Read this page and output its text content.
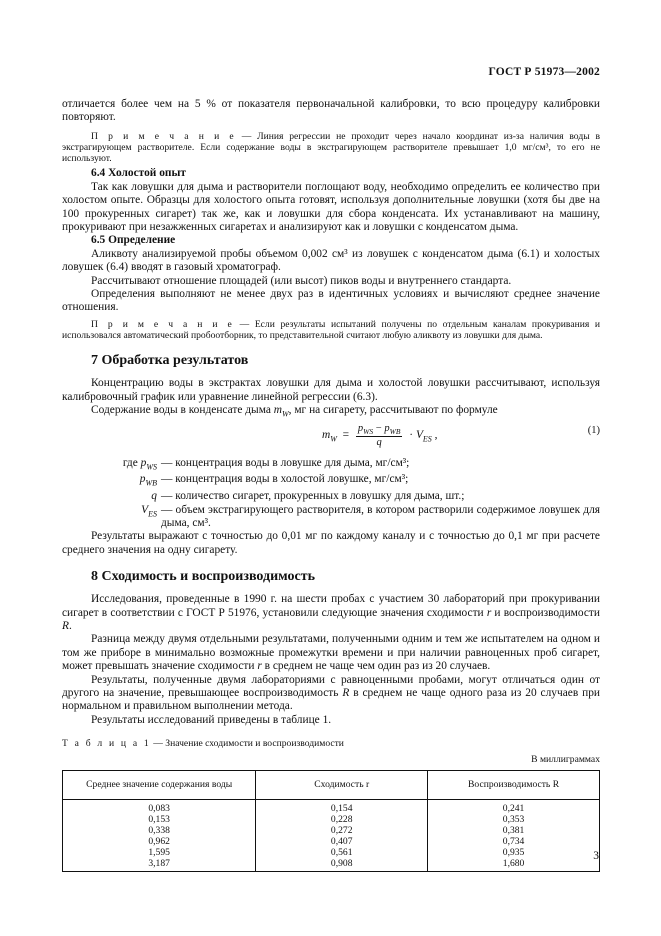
ГОСТ Р 51973—2002

отличается более чем на 5 % от показателя первоначальной калибровки, то всю процедуру калибровки повторяют.

П р и м е ч а н и е — Линия регрессии не проходит через начало координат из-за наличия воды в экстрагирующем растворителе. Если содержание воды в экстрагирующем растворителе превышает 1,0 мг/см³, то его не используют.

6.4 Холостой опыт

Так как ловушки для дыма и растворители поглощают воду, необходимо определить ее количество при холостом опыте. Образцы для холостого опыта готовят, используя дополнительные ловушки (хотя бы две на 100 прокуренных сигарет) так же, как и ловушки для сбора конденсата. Их устанавливают на машину, прокуривают при незажженных сигаретах и анализируют как и ловушки с конденсатом дыма.

6.5 Определение

Аликвоту анализируемой пробы объемом 0,002 см³ из ловушек с конденсатом дыма (6.1) и холостых ловушек (6.4) вводят в газовый хроматограф.

Рассчитывают отношение площадей (или высот) пиков воды и внутреннего стандарта.

Определения выполняют не менее двух раз в идентичных условиях и вычисляют среднее значение отношения.

П р и м е ч а н и е — Если результаты испытаний получены по отдельным каналам прокуривания и использовался автоматический пробоотборник, то представительной считают любую аликвоту из ловушки для дыма.

7 Обработка результатов

Концентрацию воды в экстрактах ловушки для дыма и холостой ловушки рассчитывают, используя калибровочный график или уравнение линейной регрессии (6.3).

Содержание воды в конденсате дыма $m_W$, мг на сигарету, рассчитывают по формуле

$m_W = \frac{p_{WS} - p_{WB}}{q} \cdot V_{ES}$ ,	(1)
где $p_{WS}$ — концентрация воды в ловушке для дыма, мг/см³;
$p_{WB}$ — концентрация воды в холостой ловушке, мг/см³;
q — количество сигарет, прокуренных в ловушку для дыма, шт.;
$V_{ES}$ — объем экстрагирующего растворителя, в котором растворили содержимое ловушек для дыма, см³.

Результаты выражают с точностью до 0,01 мг по каждому каналу и с точностью до 0,1 мг при расчете среднего значения на одну сигарету.

8 Сходимость и воспроизводимость

Исследования, проведенные в 1990 г. на шести пробах с участием 30 лабораторий при прокуривании сигарет в соответствии с ГОСТ Р 51976, установили следующие значения сходимости r и воспроизводимости R.

Разница между двумя отдельными результатами, полученными одним и тем же испытателем на одном и том же приборе в минимально возможные промежутки времени и при наличии равноценных проб сигарет, может превышать значение сходимости r в среднем не чаще чем один раз из 20 случаев.

Результаты, полученные двумя лабораториями с равноценными пробами, могут отличаться один от другого на значение, превышающее воспроизводимость R в среднем не чаще одного раза из 20 случаев при нормальном и правильном выполнении метода.

Результаты исследований приведены в таблице 1.

Т а б л и ц а 1 — Значение сходимости и воспроизводимости

В миллиграммах

Среднее значение содержания воды	Сходимость r	Воспроизводимость R
0,083	0,154	0,241
0,153	0,228	0,353
0,338	0,272	0,381
0,962	0,407	0,734
1,595	0,561	0,935
3,187	0,908	1,680
3
